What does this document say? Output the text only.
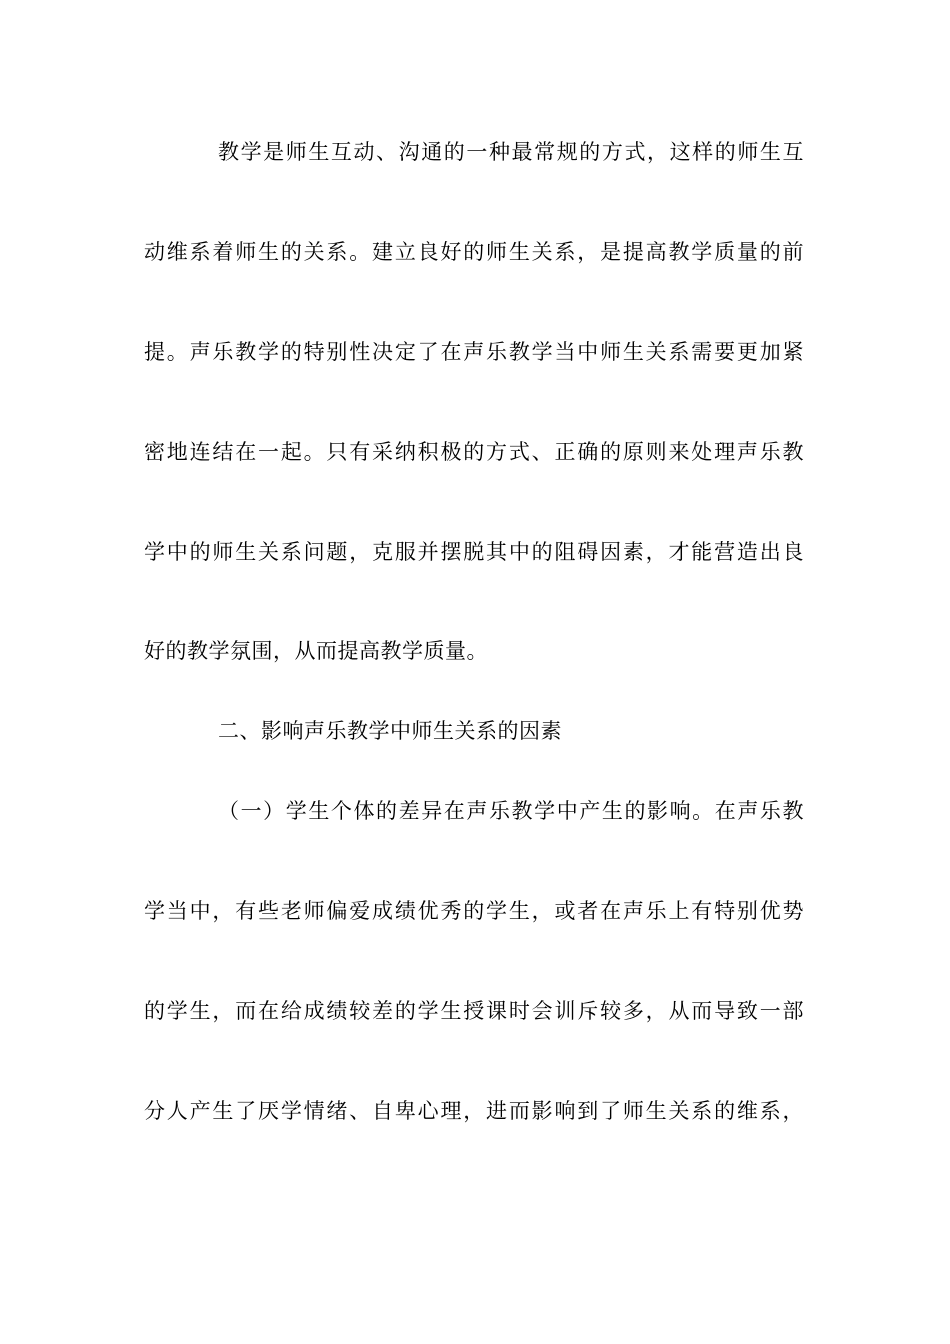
教学是师生互动、沟通的一种最常规的方式，这样的师生互
动维系着师生的关系。建立良好的师生关系，是提高教学质量的前
提。声乐教学的特别性决定了在声乐教学当中师生关系需要更加紧
密地连结在一起。只有采纳积极的方式、正确的原则来处理声乐教
学中的师生关系问题，克服并摆脱其中的阻碍因素，才能营造出良
好的教学氛围，从而提高教学质量。
二、影响声乐教学中师生关系的因素
（一）学生个体的差异在声乐教学中产生的影响。在声乐教
学当中，有些老师偏爱成绩优秀的学生，或者在声乐上有特别优势
的学生，而在给成绩较差的学生授课时会训斥较多，从而导致一部
分人产生了厌学情绪、自卑心理，进而影响到了师生关系的维系，
